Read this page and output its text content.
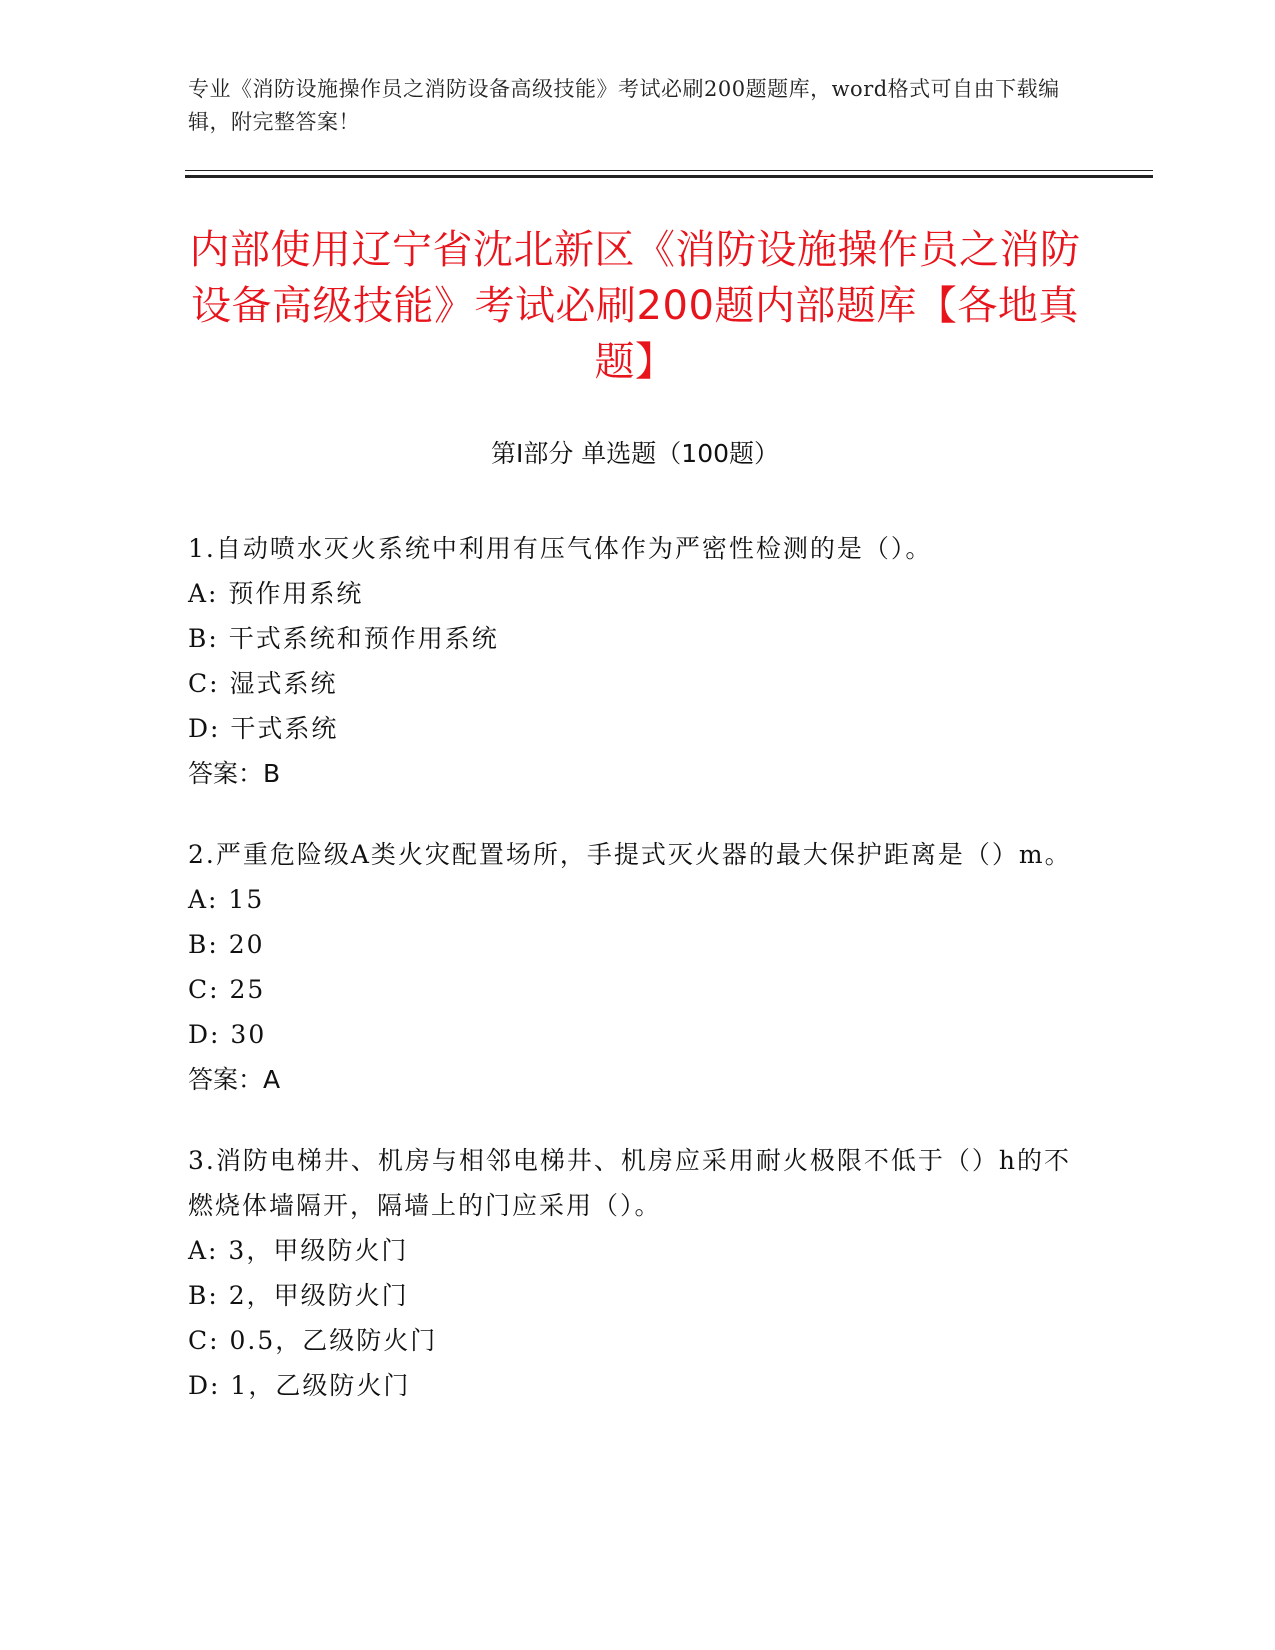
专业《消防设施操作员之消防设备高级技能》考试必刷200题题库，word格式可自由下载编辑，附完整答案！
内部使用辽宁省沈北新区《消防设施操作员之消防设备高级技能》考试必刷200题内部题库【各地真题】
第I部分 单选题（100题）

1.自动喷水灭火系统中利用有压气体作为严密性检测的是（）。

A: 预作用系统

B: 干式系统和预作用系统

C: 湿式系统

D: 干式系统

答案：B

2.严重危险级A类火灾配置场所，手提式灭火器的最大保护距离是（）m。

A: 15

B: 20

C: 25

D: 30

答案：A

3.消防电梯井、机房与相邻电梯井、机房应采用耐火极限不低于（）h的不燃烧体墙隔开，隔墙上的门应采用（）。

A: 3，甲级防火门

B: 2，甲级防火门

C: 0.5，乙级防火门

D: 1，乙级防火门
